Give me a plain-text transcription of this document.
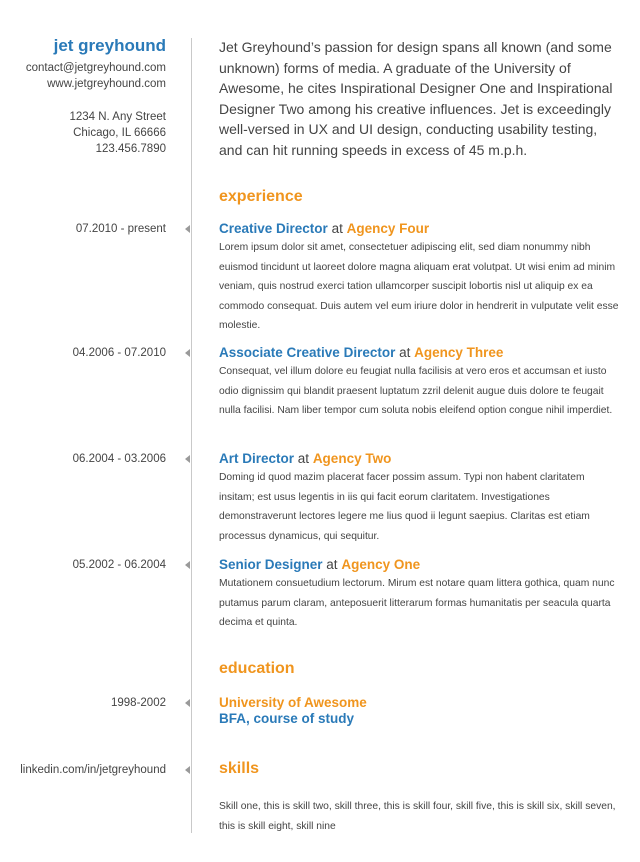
jet greyhound
contact@jetgreyhound.com
www.jetgreyhound.com
1234 N. Any Street
Chicago, IL 66666
123.456.7890
Jet Greyhound’s passion for design spans all known (and some unknown) forms of media. A graduate of the University of Awesome, he cites Inspirational Designer One and Inspirational Designer Two among his creative influences. Jet is exceedingly well-versed in UX and UI design, conducting usability testing, and can hit running speeds in excess of 45 m.p.h.
experience
07.2010 - present	Creative Director at Agency Four
Lorem ipsum dolor sit amet, consectetuer adipiscing elit, sed diam nonummy nibh euismod tincidunt ut laoreet dolore magna aliquam erat volutpat. Ut wisi enim ad minim veniam, quis nostrud exerci tation ullamcorper suscipit lobortis nisl ut aliquip ex ea commodo consequat. Duis autem vel eum iriure dolor in hendrerit in vulputate velit esse molestie.
04.2006 - 07.2010	Associate Creative Director at Agency Three
Consequat, vel illum dolore eu feugiat nulla facilisis at vero eros et accumsan et iusto odio dignissim qui blandit praesent luptatum zzril delenit augue duis dolore te feugait nulla facilisi. Nam liber tempor cum soluta nobis eleifend option congue nihil imperdiet.
06.2004 - 03.2006	Art Director at Agency Two
Doming id quod mazim placerat facer possim assum. Typi non habent claritatem insitam; est usus legentis in iis qui facit eorum claritatem. Investigationes demonstraverunt lectores legere me lius quod ii legunt saepius. Claritas est etiam processus dynamicus, qui sequitur.
05.2002 - 06.2004	Senior Designer at Agency One
Mutationem consuetudium lectorum. Mirum est notare quam littera gothica, quam nunc putamus parum claram, anteposuerit litterarum formas humanitatis per seacula quarta decima et quinta.
education
1998-2002	University of Awesome
BFA, course of study
linkedin.com/in/jetgreyhound	skills
Skill one, this is skill two, skill three, this is skill four, skill five, this is skill six, skill seven, this is skill eight, skill nine
